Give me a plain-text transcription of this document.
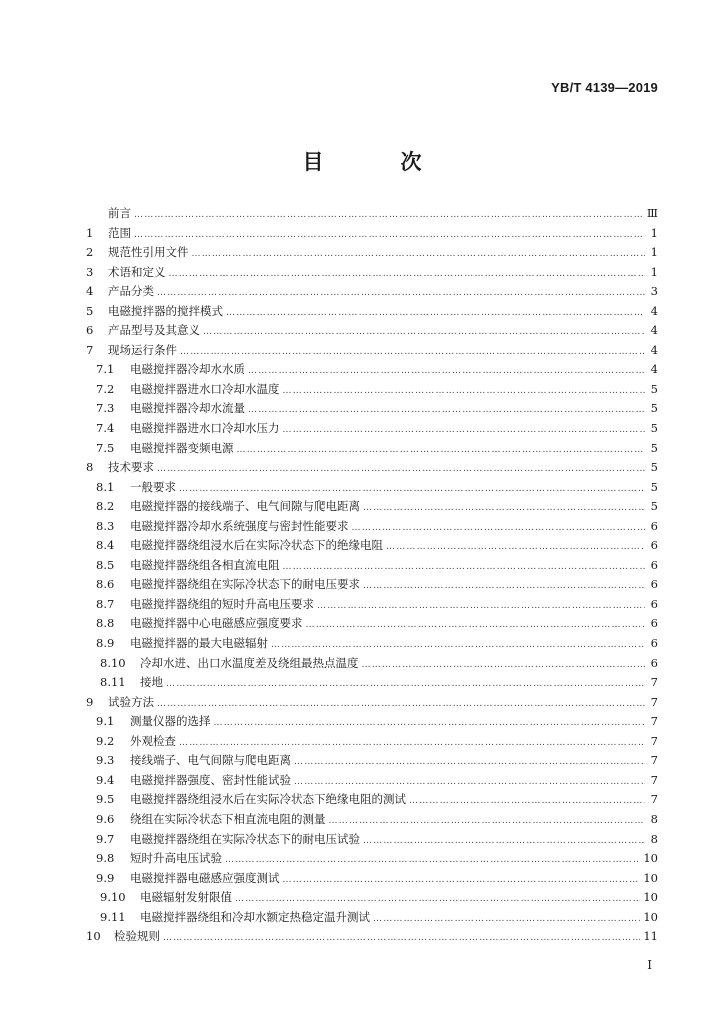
YB/T 4139—2019
目　次
前言 ………………………………………………………………………………………………………………………………………………………………………………………………………………………………………………………………………………	Ⅲ
1	范围 ………………………………………………………………………………………………………………………………………………………………………………………………………………………………………………………………………………	1
2	规范性引用文件 ………………………………………………………………………………………………………………………………………………………………………………………………………………………………………………………………………………	1
3	术语和定义 ………………………………………………………………………………………………………………………………………………………………………………………………………………………………………………………………………………	1
4	产品分类 ………………………………………………………………………………………………………………………………………………………………………………………………………………………………………………………………………………	3
5	电磁搅拌器的搅拌模式 ………………………………………………………………………………………………………………………………………………………………………………………………………………………………………………………………………………	4
6	产品型号及其意义 ………………………………………………………………………………………………………………………………………………………………………………………………………………………………………………………………………………	4
7	现场运行条件 ………………………………………………………………………………………………………………………………………………………………………………………………………………………………………………………………………………	4
7.1	电磁搅拌器冷却水水质 ………………………………………………………………………………………………………………………………………………………………………………………………………………………………………………………………………………	4
7.2	电磁搅拌器进水口冷却水温度 ………………………………………………………………………………………………………………………………………………………………………………………………………………………………………………………………………………	5
7.3	电磁搅拌器冷却水流量 ………………………………………………………………………………………………………………………………………………………………………………………………………………………………………………………………………………	5
7.4	电磁搅拌器进水口冷却水压力 ………………………………………………………………………………………………………………………………………………………………………………………………………………………………………………………………………………	5
7.5	电磁搅拌器变频电源 ………………………………………………………………………………………………………………………………………………………………………………………………………………………………………………………………………………	5
8	技术要求 ………………………………………………………………………………………………………………………………………………………………………………………………………………………………………………………………………………	5
8.1	一般要求 ………………………………………………………………………………………………………………………………………………………………………………………………………………………………………………………………………………	5
8.2	电磁搅拌器的接线端子、电气间隙与爬电距离 ………………………………………………………………………………………………………………………………………………………………………………………………………………………………………………………………………………	5
8.3	电磁搅拌器冷却水系统强度与密封性能要求 ………………………………………………………………………………………………………………………………………………………………………………………………………………………………………………………………………………	6
8.4	电磁搅拌器绕组浸水后在实际冷状态下的绝缘电阻 ………………………………………………………………………………………………………………………………………………………………………………………………………………………………………………………………………………	6
8.5	电磁搅拌器绕组各相直流电阻 ………………………………………………………………………………………………………………………………………………………………………………………………………………………………………………………………………………	6
8.6	电磁搅拌器绕组在实际冷状态下的耐电压要求 ………………………………………………………………………………………………………………………………………………………………………………………………………………………………………………………………………………	6
8.7	电磁搅拌器绕组的短时升高电压要求 ………………………………………………………………………………………………………………………………………………………………………………………………………………………………………………………………………………	6
8.8	电磁搅拌器中心电磁感应强度要求 ………………………………………………………………………………………………………………………………………………………………………………………………………………………………………………………………………………	6
8.9	电磁搅拌器的最大电磁辐射 ………………………………………………………………………………………………………………………………………………………………………………………………………………………………………………………………………………	6
8.10	冷却水进、出口水温度差及绕组最热点温度 ………………………………………………………………………………………………………………………………………………………………………………………………………………………………………………………………………………	6
8.11	接地 ………………………………………………………………………………………………………………………………………………………………………………………………………………………………………………………………………………	7
9	试验方法 ………………………………………………………………………………………………………………………………………………………………………………………………………………………………………………………………………………	7
9.1	测量仪器的选择 ………………………………………………………………………………………………………………………………………………………………………………………………………………………………………………………………………………	7
9.2	外观检查 ………………………………………………………………………………………………………………………………………………………………………………………………………………………………………………………………………………	7
9.3	接线端子、电气间隙与爬电距离 ………………………………………………………………………………………………………………………………………………………………………………………………………………………………………………………………………………	7
9.4	电磁搅拌器强度、密封性能试验 ………………………………………………………………………………………………………………………………………………………………………………………………………………………………………………………………………………	7
9.5	电磁搅拌器绕组浸水后在实际冷状态下绝缘电阻的测试 ………………………………………………………………………………………………………………………………………………………………………………………………………………………………………………………………………………	7
9.6	绕组在实际冷状态下相直流电阻的测量 ………………………………………………………………………………………………………………………………………………………………………………………………………………………………………………………………………………	8
9.7	电磁搅拌器绕组在实际冷状态下的耐电压试验 ………………………………………………………………………………………………………………………………………………………………………………………………………………………………………………………………………………	8
9.8	短时升高电压试验 ………………………………………………………………………………………………………………………………………………………………………………………………………………………………………………………………………………	10
9.9	电磁搅拌器电磁感应强度测试 ………………………………………………………………………………………………………………………………………………………………………………………………………………………………………………………………………………	10
9.10	电磁辐射发射限值 ………………………………………………………………………………………………………………………………………………………………………………………………………………………………………………………………………………	10
9.11	电磁搅拌器绕组和冷却水额定热稳定温升测试 ………………………………………………………………………………………………………………………………………………………………………………………………………………………………………………………………………………	10
10	检验规则 ………………………………………………………………………………………………………………………………………………………………………………………………………………………………………………………………………………	11
I
